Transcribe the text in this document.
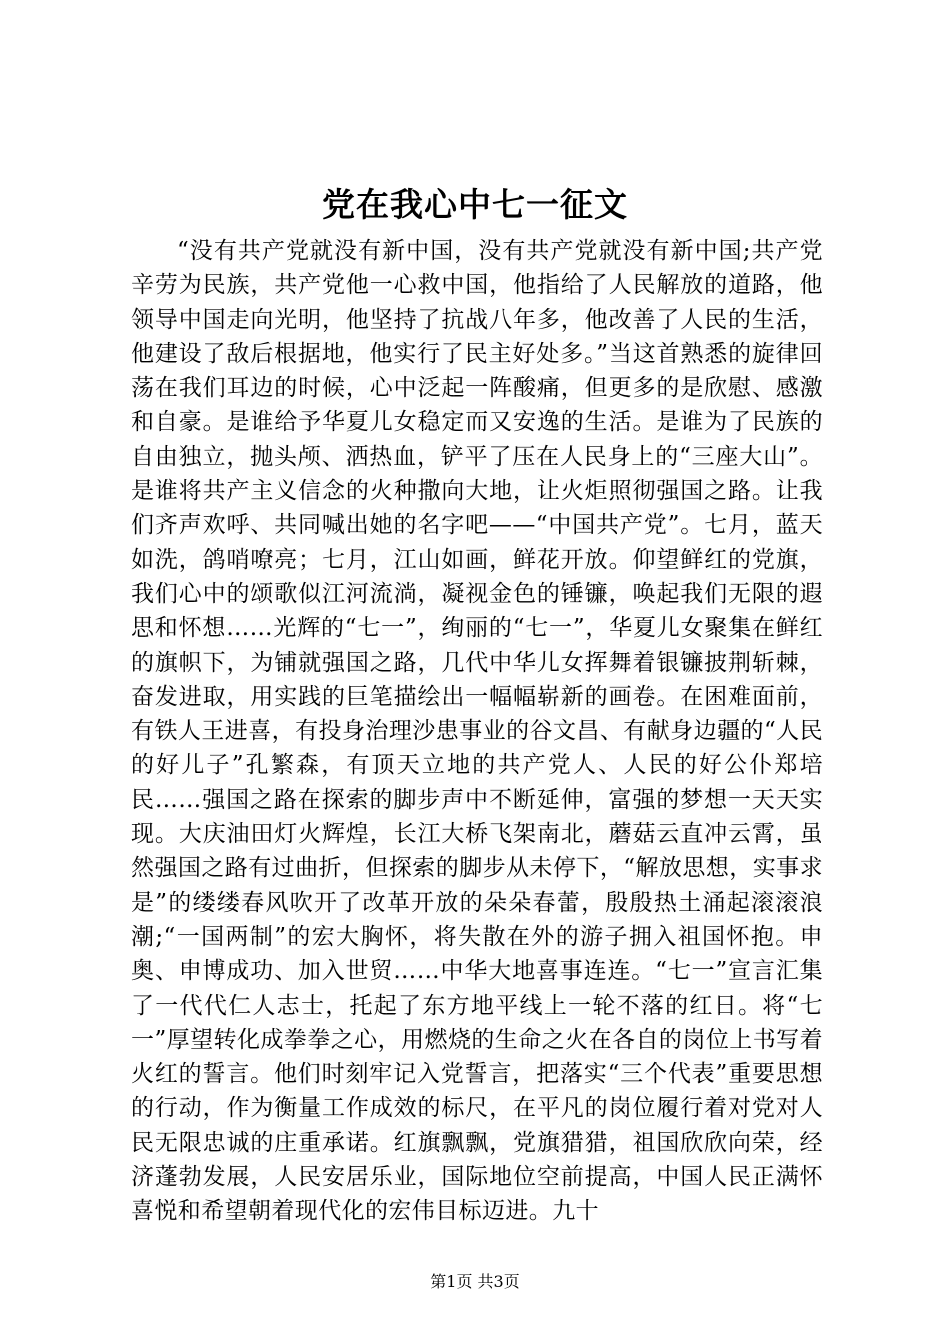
党在我心中七一征文

“没有共产党就没有新中国，没有共产党就没有新中国;共产党辛劳为民族，共产党他一心救中国，他指给了人民解放的道路，他领导中国走向光明，他坚持了抗战八年多，他改善了人民的生活，他建设了敌后根据地，他实行了民主好处多。”当这首熟悉的旋律回荡在我们耳边的时候，心中泛起一阵酸痛，但更多的是欣慰、感激和自豪。是谁给予华夏儿女稳定而又安逸的生活。是谁为了民族的自由独立，抛头颅、洒热血，铲平了压在人民身上的“三座大山”。是谁将共产主义信念的火种撒向大地，让火炬照彻强国之路。让我们齐声欢呼、共同喊出她的名字吧——“中国共产党”。七月，蓝天如洗，鸽哨嘹亮；七月，江山如画，鲜花开放。仰望鲜红的党旗，我们心中的颂歌似江河流淌，凝视金色的锤镰，唤起我们无限的遐思和怀想……光辉的“七一”，绚丽的“七一”，华夏儿女聚集在鲜红的旗帜下，为铺就强国之路，几代中华儿女挥舞着银镰披荆斩棘，奋发进取，用实践的巨笔描绘出一幅幅崭新的画卷。在困难面前，有铁人王进喜，有投身治理沙患事业的谷文昌、有献身边疆的“人民的好儿子”孔繁森，有顶天立地的共产党人、人民的好公仆郑培民……强国之路在探索的脚步声中不断延伸，富强的梦想一天天实现。大庆油田灯火辉煌，长江大桥飞架南北，蘑菇云直冲云霄，虽然强国之路有过曲折，但探索的脚步从未停下，“解放思想，实事求是”的缕缕春风吹开了改革开放的朵朵春蕾，殷殷热土涌起滚滚浪潮;“一国两制”的宏大胸怀，将失散在外的游子拥入祖国怀抱。申奥、申博成功、加入世贸……中华大地喜事连连。“七一”宣言汇集了一代代仁人志士，托起了东方地平线上一轮不落的红日。将“七一”厚望转化成拳拳之心，用燃烧的生命之火在各自的岗位上书写着火红的誓言。他们时刻牢记入党誓言，把落实“三个代表”重要思想的行动，作为衡量工作成效的标尺，在平凡的岗位履行着对党对人民无限忠诚的庄重承诺。红旗飘飘，党旗猎猎，祖国欣欣向荣，经济蓬勃发展，人民安居乐业，国际地位空前提高，中国人民正满怀喜悦和希望朝着现代化的宏伟目标迈进。九十

第1页 共3页
